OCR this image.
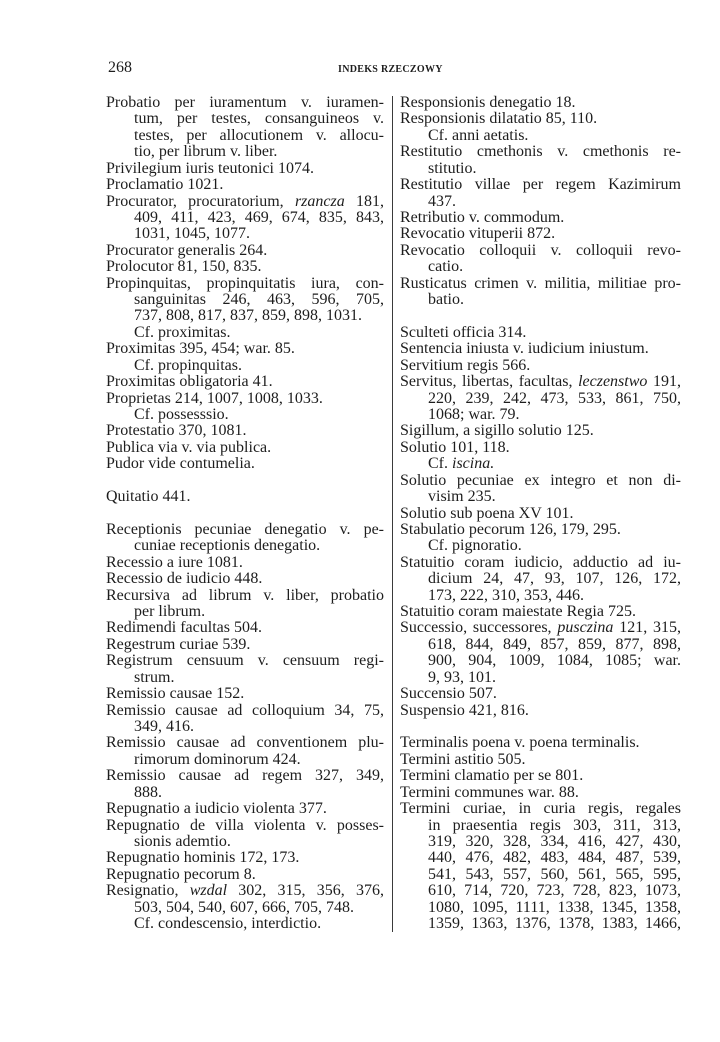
268	INDEKS RZECZOWY
Probatio per iuramentum v. iuramen-
tum, per testes, consanguineos v.
testes, per allocutionem v. allocu-
tio, per librum v. liber.
Privilegium iuris teutonici 1074.
Proclamatio 1021.
Procurator, procuratorium, rzancza 181,
409, 411, 423, 469, 674, 835, 843,
1031, 1045, 1077.
Procurator generalis 264.
Prolocutor 81, 150, 835.
Propinquitas, propinquitatis iura, con-
sanguinitas 246, 463, 596, 705,
737, 808, 817, 837, 859, 898, 1031.
Cf. proximitas.
Proximitas 395, 454; war. 85.
Cf. propinquitas.
Proximitas obligatoria 41.
Proprietas 214, 1007, 1008, 1033.
Cf. possesssio.
Protestatio 370, 1081.
Publica via v. via publica.
Pudor vide contumelia.
Quitatio 441.
Receptionis pecuniae denegatio v. pe-
cuniae receptionis denegatio.
Recessio a iure 1081.
Recessio de iudicio 448.
Recursiva ad librum v. liber, probatio
per librum.
Redimendi facultas 504.
Regestrum curiae 539.
Registrum censuum v. censuum regi-
strum.
Remissio causae 152.
Remissio causae ad colloquium 34, 75,
349, 416.
Remissio causae ad conventionem plu-
rimorum dominorum 424.
Remissio causae ad regem 327, 349,
888.
Repugnatio a iudicio violenta 377.
Repugnatio de villa violenta v. posses-
sionis ademtio.
Repugnatio hominis 172, 173.
Repugnatio pecorum 8.
Resignatio, wzdal 302, 315, 356, 376,
503, 504, 540, 607, 666, 705, 748.
Cf. condescensio, interdictio.
Responsionis denegatio 18.
Responsionis dilatatio 85, 110.
Cf. anni aetatis.
Restitutio cmethonis v. cmethonis re-
stitutio.
Restitutio villae per regem Kazimirum
437.
Retributio v. commodum.
Revocatio vituperii 872.
Revocatio colloquii v. colloquii revo-
catio.
Rusticatus crimen v. militia, militiae pro-
batio.
Sculteti officia 314.
Sentencia iniusta v. iudicium iniustum.
Servitium regis 566.
Servitus, libertas, facultas, leczenstwo 191,
220, 239, 242, 473, 533, 861, 750,
1068; war. 79.
Sigillum, a sigillo solutio 125.
Solutio 101, 118.
Cf. iscina.
Solutio pecuniae ex integro et non di-
visim 235.
Solutio sub poena XV 101.
Stabulatio pecorum 126, 179, 295.
Cf. pignoratio.
Statuitio coram iudicio, adductio ad iu-
dicium 24, 47, 93, 107, 126, 172,
173, 222, 310, 353, 446.
Statuitio coram maiestate Regia 725.
Successio, successores, pusczina 121, 315,
618, 844, 849, 857, 859, 877, 898,
900, 904, 1009, 1084, 1085; war.
9, 93, 101.
Succensio 507.
Suspensio 421, 816.
Terminalis poena v. poena terminalis.
Termini astitio 505.
Termini clamatio per se 801.
Termini communes war. 88.
Termini curiae, in curia regis, regales
in praesentia regis 303, 311, 313,
319, 320, 328, 334, 416, 427, 430,
440, 476, 482, 483, 484, 487, 539,
541, 543, 557, 560, 561, 565, 595,
610, 714, 720, 723, 728, 823, 1073,
1080, 1095, 1111, 1338, 1345, 1358,
1359, 1363, 1376, 1378, 1383, 1466,
